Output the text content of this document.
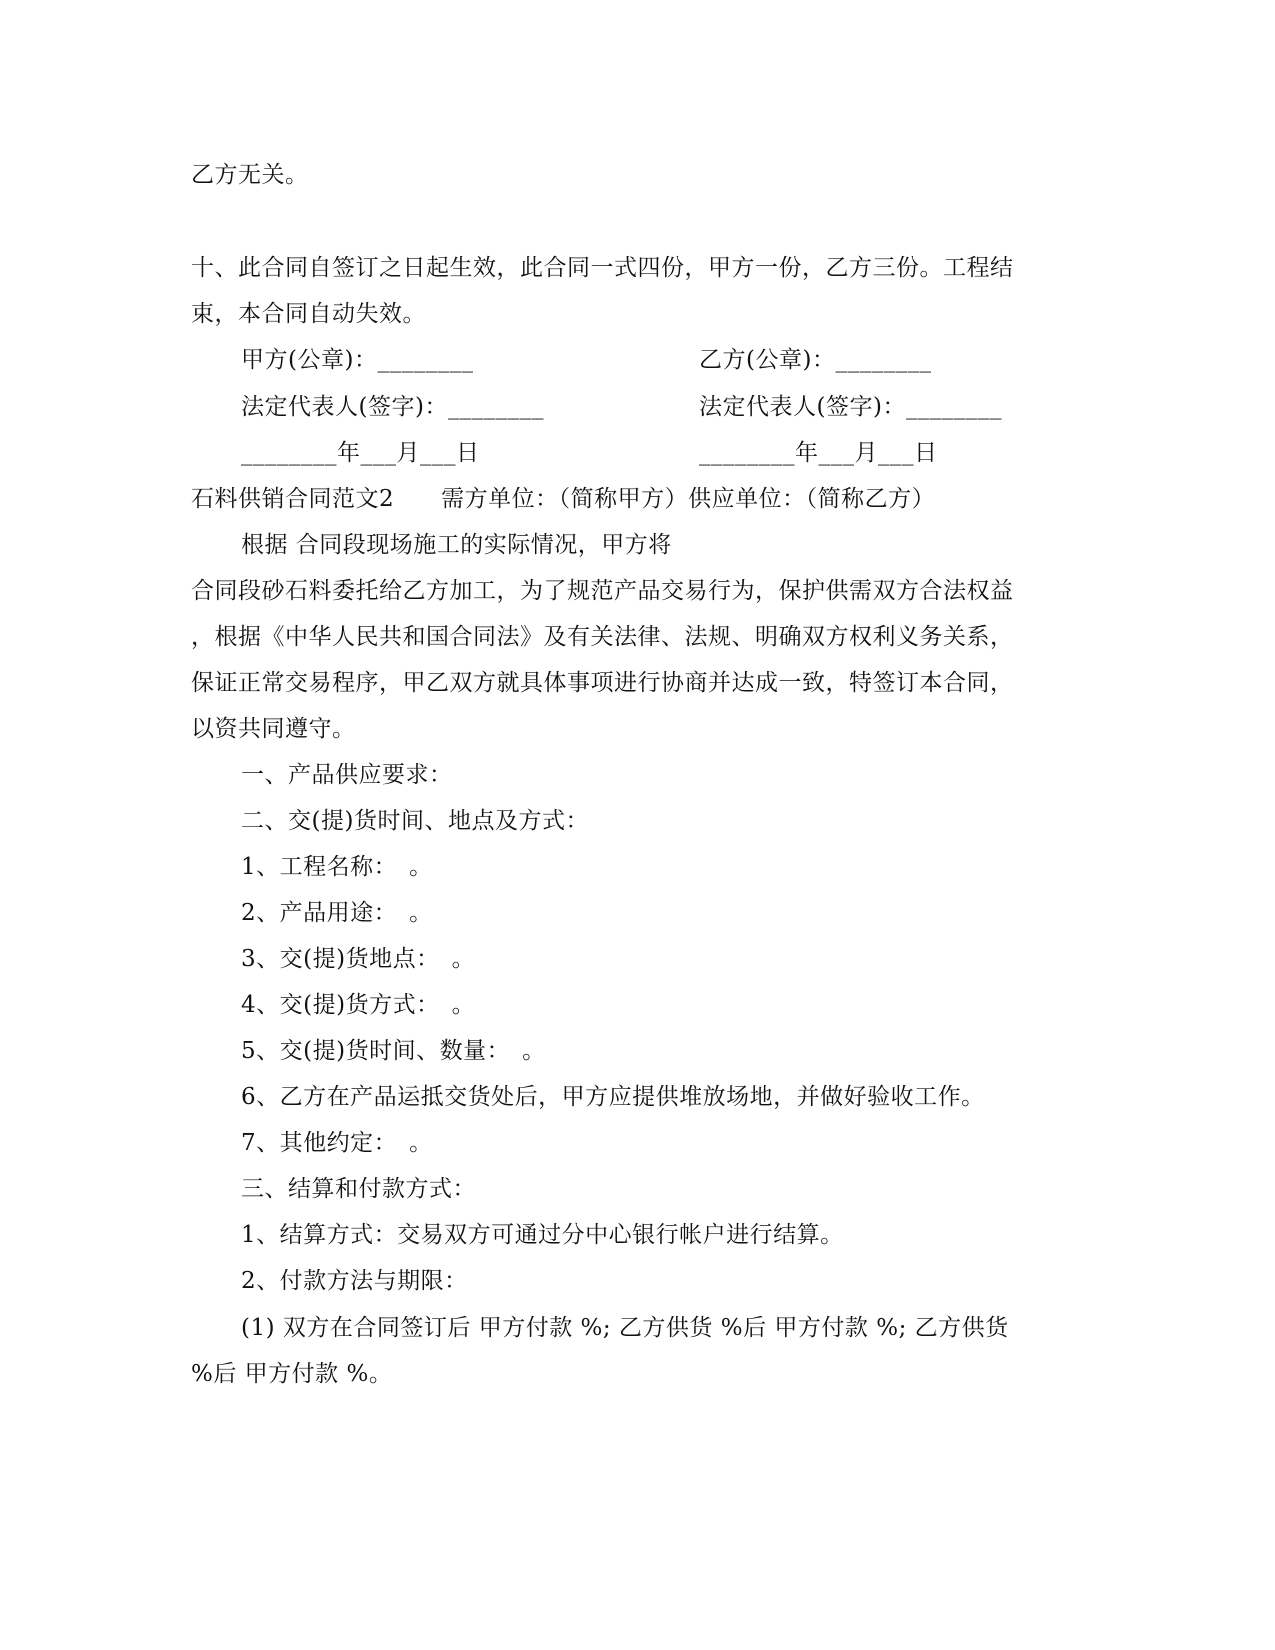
乙方无关。
十、此合同自签订之日起生效，此合同一式四份，甲方一份，乙方三份。工程结
束，本合同自动失效。
甲方(公章)：________	乙方(公章)：________
法定代表人(签字)：________	法定代表人(签字)：________
________年___月___日	________年___月___日
石料供销合同范文2　　需方单位：（简称甲方）供应单位：（简称乙方）
根据 合同段现场施工的实际情况，甲方将
合同段砂石料委托给乙方加工，为了规范产品交易行为，保护供需双方合法权益
，根据《中华人民共和国合同法》及有关法律、法规、明确双方权利义务关系，
保证正常交易程序，甲乙双方就具体事项进行协商并达成一致，特签订本合同，
以资共同遵守。
一、产品供应要求：
二、交(提)货时间、地点及方式：
1、工程名称：　。
2、产品用途：　。
3、交(提)货地点：　。
4、交(提)货方式：　。
5、交(提)货时间、数量：　。
6、乙方在产品运抵交货处后，甲方应提供堆放场地，并做好验收工作。
7、其他约定：　。
三、结算和付款方式：
1、结算方式：交易双方可通过分中心银行帐户进行结算。
2、付款方法与期限：
(1) 双方在合同签订后 甲方付款 %; 乙方供货 %后 甲方付款 %; 乙方供货
%后 甲方付款 %。
